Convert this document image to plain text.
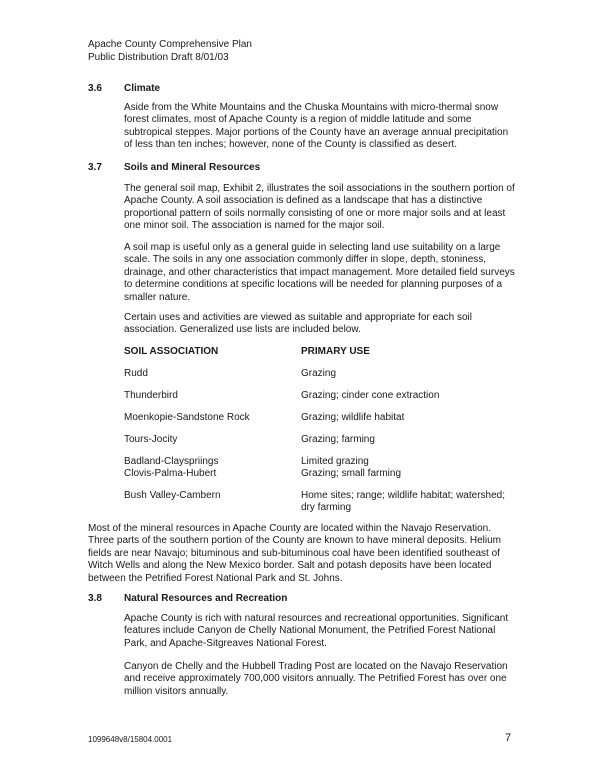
Apache County Comprehensive Plan
Public Distribution Draft 8/01/03
3.6 Climate
Aside from the White Mountains and the Chuska Mountains with micro-thermal snow
forest climates, most of Apache County is a region of middle latitude and some
subtropical steppes. Major portions of the County have an average annual precipitation
of less than ten inches; however, none of the County is classified as desert.
3.7 Soils and Mineral Resources
The general soil map, Exhibit 2, illustrates the soil associations in the southern portion of
Apache County. A soil association is defined as a landscape that has a distinctive
proportional pattern of soils normally consisting of one or more major soils and at least
one minor soil. The association is named for the major soil.
A soil map is useful only as a general guide in selecting land use suitability on a large
scale. The soils in any one association commonly differ in slope, depth, stoniness,
drainage, and other characteristics that impact management. More detailed field surveys
to determine conditions at specific locations will be needed for planning purposes of a
smaller nature.
Certain uses and activities are viewed as suitable and appropriate for each soil
association. Generalized use lists are included below.
SOIL ASSOCIATION	PRIMARY USE
Rudd	Grazing
Thunderbird	Grazing; cinder cone extraction
Moenkopie-Sandstone Rock	Grazing; wildlife habitat
Tours-Jocity	Grazing; farming
Badland-Clayspriings	Limited grazing
Clovis-Palma-Hubert	Grazing; small farming
Bush Valley-Cambern	Home sites; range; wildlife habitat; watershed;
dry farming
Most of the mineral resources in Apache County are located within the Navajo Reservation.
Three parts of the southern portion of the County are known to have mineral deposits. Helium
fields are near Navajo; bituminous and sub-bituminous coal have been identified southeast of
Witch Wells and along the New Mexico border. Salt and potash deposits have been located
between the Petrified Forest National Park and St. Johns.
3.8 Natural Resources and Recreation
Apache County is rich with natural resources and recreational opportunities. Significant
features include Canyon de Chelly National Monument, the Petrified Forest National
Park, and Apache-Sitgreaves National Forest.
Canyon de Chelly and the Hubbell Trading Post are located on the Navajo Reservation
and receive approximately 700,000 visitors annually. The Petrified Forest has over one
million visitors annually.
1099648v8/15804.0001	7
